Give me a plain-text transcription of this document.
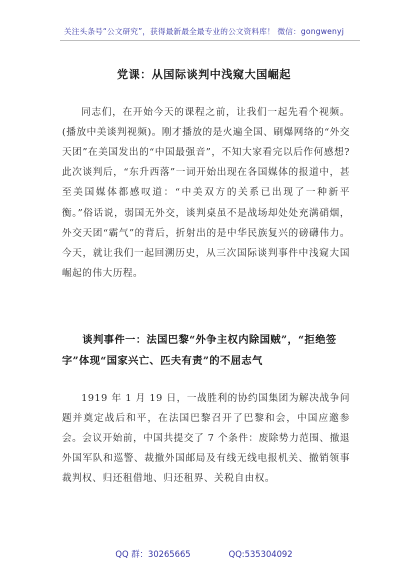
关注头条号“公文研究”，获得最新最全最专业的公文资料库！ 微信：gongwenyj
党课：从国际谈判中浅窥大国崛起

同志们，在开始今天的课程之前，让我们一起先看个视频。(播放中美谈判视频)。刚才播放的是火遍全国、刷爆网络的“外交天团”在美国发出的“中国最强音”，不知大家看完以后作何感想?此次谈判后，“东升西落”一词开始出现在各国媒体的报道中，甚至美国媒体都感叹道：“中美双方的关系已出现了一种新平衡。”俗话说，弱国无外交，谈判桌虽不是战场却处处充满硝烟，外交天团“霸气”的背后，折射出的是中华民族复兴的磅礴伟力。今天，就让我们一起回溯历史，从三次国际谈判事件中浅窥大国崛起的伟大历程。

谈判事件一：法国巴黎“外争主权内除国贼”，“拒绝签字”体现“国家兴亡、匹夫有责”的不屈志气

1919 年 1 月 19 日，一战胜利的协约国集团为解决战争问题并奠定战后和平，在法国巴黎召开了巴黎和会，中国应邀参会。会议开始前，中国共提交了 7 个条件：废除势力范围、撤退外国军队和巡警、裁撤外国邮局及有线无线电报机关、撤销领事裁判权、归还租借地、归还租界、关税自由权。

QQ 群：30265665	QQ:535304092
